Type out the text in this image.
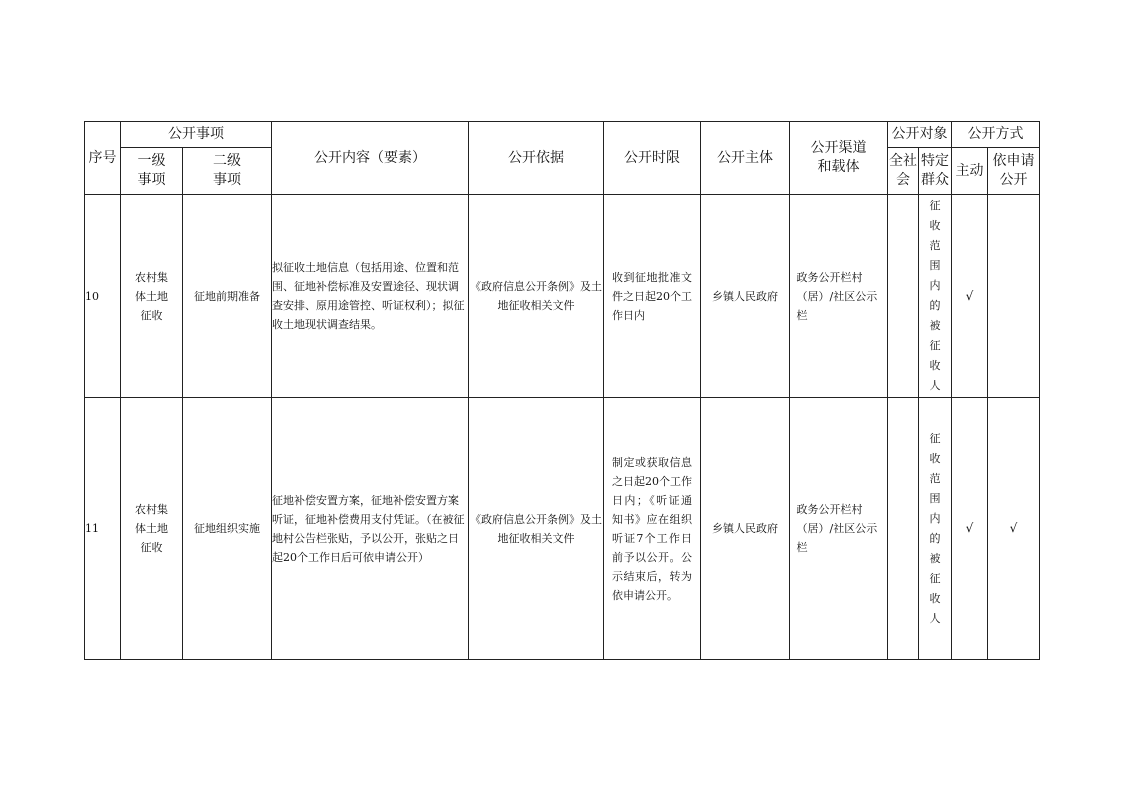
序号	公开事项		公开内容（要素）	公开依据	公开时限	公开主体	公开渠道和载体	公开对象		公开方式	

	一级事项	二级事项						全社会	特定群众	主动	依申请公开

10	农村集体土地征收	征地前期准备	拟征收土地信息（包括用途、位置和范围、征地补偿标准及安置途径、现状调查安排、原用途管控、听证权利）；拟征收土地现状调查结果。	《政府信息公开条例》及土地征收相关文件	收到征地批准文件之日起20个工作日内	乡镇人民政府	政务公开栏村（居）/社区公示栏		征收范围内的被征收人	√	
11	农村集体土地征收	征地组织实施	征地补偿安置方案，征地补偿安置方案听证，征地补偿费用支付凭证。（在被征地村公告栏张贴，予以公开，张贴之日起20个工作日后可依申请公开）	《政府信息公开条例》及土地征收相关文件	制定或获取信息之日起20个工作日内；《听证通知书》应在组织听证7个工作日前予以公开。公示结束后，转为依申请公开。	乡镇人民政府	政务公开栏村（居）/社区公示栏		征收范围内的被征收人	√	√
